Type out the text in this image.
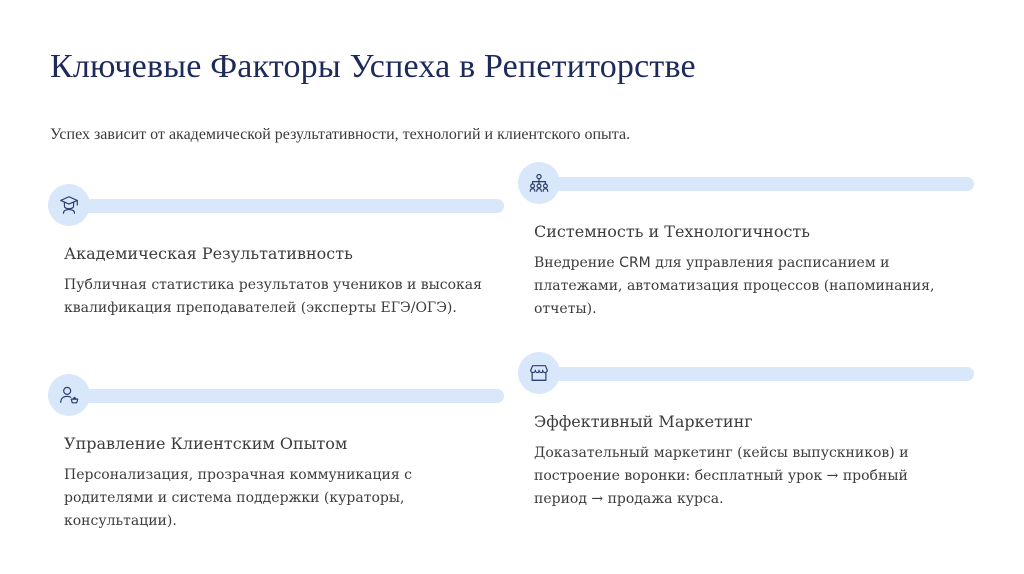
Ключевые Факторы Успеха в Репетиторстве
Успех зависит от академической результативности, технологий и клиентского опыта.
Академическая Результативность
Публичная статистика результатов учеников и высокая квалификация преподавателей (эксперты ЕГЭ/ОГЭ).
Системность и Технологичность
Внедрение CRM для управления расписанием и платежами, автоматизация процессов (напоминания, отчеты).
Управление Клиентским Опытом
Персонализация, прозрачная коммуникация с родителями и система поддержки (кураторы, консультации).
Эффективный Маркетинг
Доказательный маркетинг (кейсы выпускников) и построение воронки: бесплатный урок → пробный период → продажа курса.
